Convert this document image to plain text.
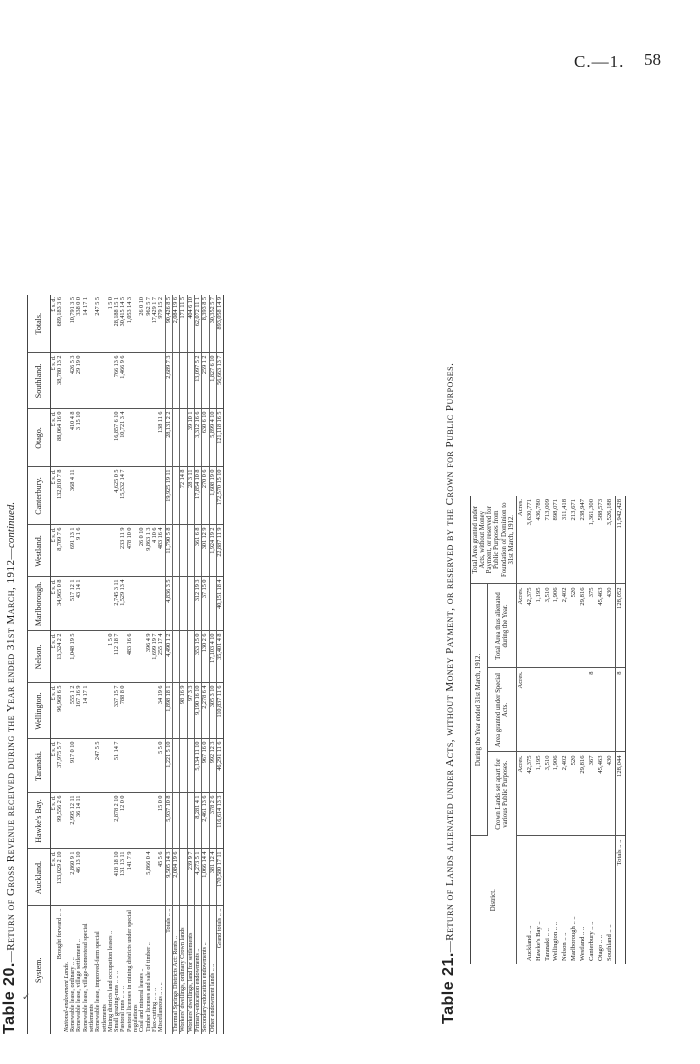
C.—1. 58
Table 20.—Return of Gross Revenue received during the Year ended 31st March, 1912—continued.
System.	Auckland.	Hawke's Bay.	Taranaki.	Wellington.	Nelson.	Marlborough.	Westland.	Canterbury.	Otago.	Southland.	Totals.
	£ s. d.	£ s. d.	£ s. d.	£ s. d.	£ s. d.	£ s. d.	£ s. d.	£ s. d.	£ s. d.	£ s. d.	£ s. d.
Brought forward .. ..	133,029 2 10	99,556 2 6	37,975 5 7	96,968 6 5	13,324 2 2	34,965 0 8	8,709 7 6	132,810 7 8	88,064 16 0	38,780 13 2	689,183 3 6
National-endowment Lands.											
Renewable lease, ordinary .. ..	2,860 9 1	2,995 12 11	917 0 10	555 1 2	1,048 19 5	517 12 1	691 13 1	368 4 11	410 4 8	426 5 3	10,791 3 5
Renewable lease, village settlement ..	46 13 10	36 14 11		167 16 9		43 14 1	9 1 6		3 15 10	29 19 0	338 0 0
Renewable lease, village-homestead special settlements				14 17 1							14 17 1
Renewable lease, improved-farm special settlements			247 5 5								247 5 5
Mining districts land occupation leases ..					1 5 0						1 5 0
Small grazing-runs .. .. ..	418 18 10	2,878 2 10	51 14 7	337 15 7	112 18 7	2,745 3 11		4,625 0 5	16,857 6 10	766 13 6	28,188 15 1
Pastoral runs .. .. ..	131 13 11	12 0 0		788 8 0		1,529 13 4	233 11 9	15,532 14 7	10,721 3 4	1,466 9 6	30,415 14 5
Pastoral licenses in mining districts under special regulations	141 7 9				483 16 6		478 10 0				1,053 14 3
Coal and mineral leases ..							26 0 10				26 0 10
Timber licenses and sale of timber ..	5,866 0 4				396 4 9		9,863 1 3				962 5 7
Flax-cutting .. .. ..					1,699 19 7		4 10 6				17,429 1 7
Miscellaneous .. .. ..	45 5 6	15 0 0	5 5 0	34 19 6	255 17 4		483 16 4		138 11 6		979 15 2
Totals .. ..	9,505 14 3	5,937 10 8	1,221 5 10	1,898 18 1	4,490 1 2	4,836 3 5	11,790 5 8	19,925 19 11	28,131 2 2	2,689 7 3	90,426 8 5
Thermal Springs Districts Act: Rents ..	2,084 19 6										2,084 19 6
Workers' dwellings, ordinary Crown lands				98 16 9				72 14 8			171 11 5
Workers' dwellings, land for settlements	239 9 7			97 3 3				28 3 11	39 10 1		404 6 10
Primary-education endowments ..	4,273 5 1	8,281 4 1	5,134 11 10	9,190 16 10	353 15 0	312 19 3	361 6 8	17,854 10 8	3,312 16 6	13,097 5 2	62,072 11 1
Secondary-education endowments ..	1,066 14 4	2,461 13 6	967 16 0	2,278 6 4	130 2 6	37 15 0	301 12 9	270 0 6	630 6 10	259 1 2	8,393 8 5
Other endowment lands .. ..	381 12 4	378 2 6	992 12 3	305 3 10	17,103 4 10		1,924 19 2	1,608 19 0	5,899 4 10	1,827 6 10	30,352 5 7
Grand totals .. ..	170,580 17 11	116,614 13 3	46,291 11 6	110,837 11 6	35,401 4 8	40,151 18 4	22,887 11 9	172,570 15 10	121,118 16 5	56,663 13 7	893,058 14 9
Table 21.—Return of Lands alienated under Acts, without Money Payment, or reserved by the Crown for Public Purposes.	District.	During the Year ended 31st March, 1912.			Total Area granted under Acts, without Money Payment, or reserved for Public Purposes from Foundation of Dominion to 31st March, 1912.
	Crown Lands set apart for various Public Purposes.	Area granted under Special Acts.	Total Area thus alienated during the Year.	
	Acres.	Acres.	Acres.	Acres.
Auckland .. ..	42,375		42,375	3,630,771
Hawke's Bay ..	1,195		1,195	436,780
Taranaki .. ..	3,510		3,510	713,009
Wellington .. ..	1,906		1,906	898,071
Nelson .. ..	2,402		2,402	311,418
Marlborough .. ..	520		520	213,671
Westland .. ..	29,816		29,816	238,947
Canterbury .. ..	367	8	375	1,361,300
Otago .. ..	45,463		45,463	588,573
Southland .. ..	430		430	3,526,188
Totals .. ..	128,044	8	128,052	11,942,428
✓
